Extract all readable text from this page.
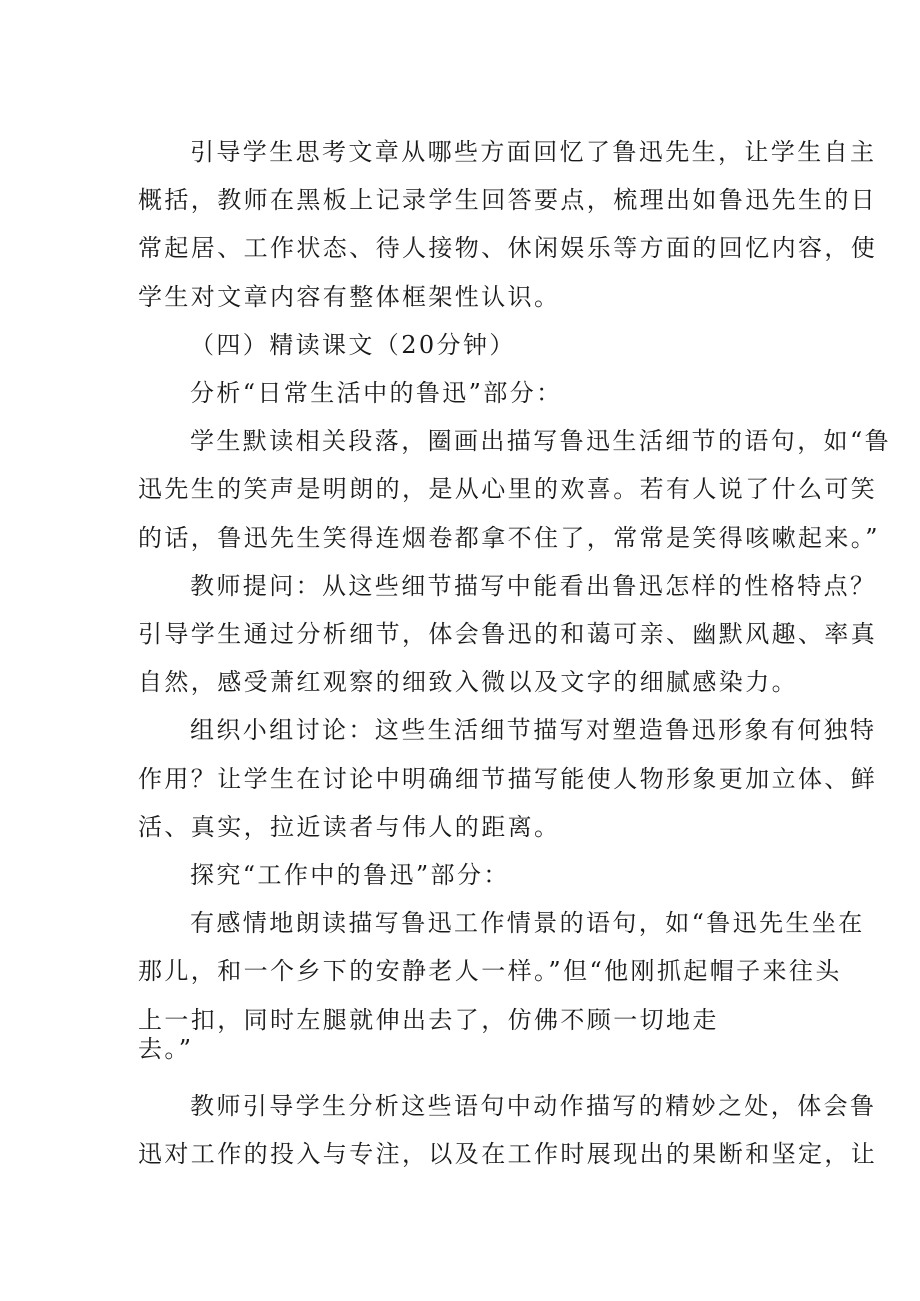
引导学生思考文章从哪些方面回忆了鲁迅先生，让学生自主
概括，教师在黑板上记录学生回答要点，梳理出如鲁迅先生的日
常起居、工作状态、待人接物、休闲娱乐等方面的回忆内容，使
学生对文章内容有整体框架性认识。
（四）精读课文（20分钟）
分析“日常生活中的鲁迅”部分：
学生默读相关段落，圈画出描写鲁迅生活细节的语句，如“鲁
迅先生的笑声是明朗的，是从心里的欢喜。若有人说了什么可笑
的话，鲁迅先生笑得连烟卷都拿不住了，常常是笑得咳嗽起来。”
教师提问：从这些细节描写中能看出鲁迅怎样的性格特点？
引导学生通过分析细节，体会鲁迅的和蔼可亲、幽默风趣、率真
自然，感受萧红观察的细致入微以及文字的细腻感染力。
组织小组讨论：这些生活细节描写对塑造鲁迅形象有何独特
作用？让学生在讨论中明确细节描写能使人物形象更加立体、鲜
活、真实，拉近读者与伟人的距离。
探究“工作中的鲁迅”部分：
有感情地朗读描写鲁迅工作情景的语句，如“鲁迅先生坐在
那儿，和一个乡下的安静老人一样。”但“他刚抓起帽子来往头
上一扣，同时左腿就伸出去了，仿佛不顾一切地走
去。”
教师引导学生分析这些语句中动作描写的精妙之处，体会鲁
迅对工作的投入与专注，以及在工作时展现出的果断和坚定，让
